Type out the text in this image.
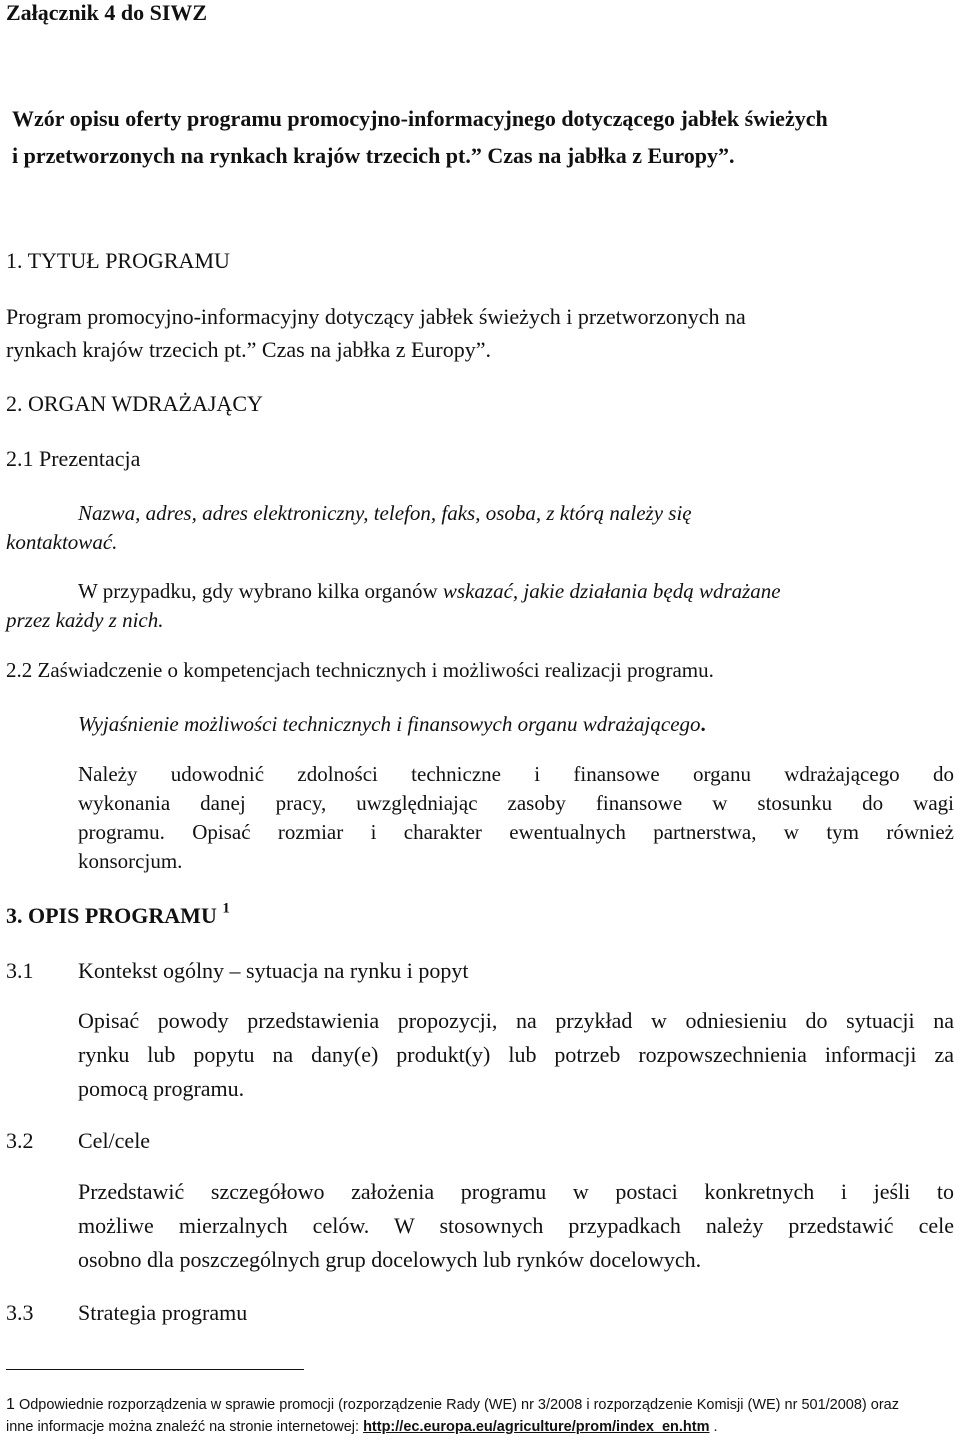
Załącznik 4 do SIWZ
Wzór opisu oferty programu promocyjno-informacyjnego dotyczącego jabłek świeżych
i przetworzonych na rynkach krajów trzecich pt.” Czas na jabłka z Europy”.
1. TYTUŁ PROGRAMU
Program promocyjno-informacyjny dotyczący jabłek świeżych i przetworzonych na
rynkach krajów trzecich pt.” Czas na jabłka z Europy”.
2. ORGAN WDRAŻAJĄCY
2.1 Prezentacja
Nazwa, adres, adres elektroniczny, telefon, faks, osoba, z którą należy się
kontaktować.
W przypadku, gdy wybrano kilka organów wskazać, jakie działania będą wdrażane
przez każdy z nich.
2.2 Zaświadczenie o kompetencjach technicznych i możliwości realizacji programu.
Wyjaśnienie możliwości technicznych i finansowych organu wdrażającego.
Należy udowodnić zdolności techniczne i finansowe organu wdrażającego do
wykonania danej pracy, uwzględniając zasoby finansowe w stosunku do wagi
programu. Opisać rozmiar i charakter ewentualnych partnerstwa, w tym również
konsorcjum.
3. OPIS PROGRAMU $^1$
3.1 Kontekst ogólny – sytuacja na rynku i popyt
Opisać powody przedstawienia propozycji, na przykład w odniesieniu do sytuacji na
rynku lub popytu na dany(e) produkt(y) lub potrzeb rozpowszechnienia informacji za
pomocą programu.
3.2 Cel/cele
Przedstawić szczegółowo założenia programu w postaci konkretnych i jeśli to
możliwe mierzalnych celów. W stosownych przypadkach należy przedstawić cele
osobno dla poszczególnych grup docelowych lub rynków docelowych.
3.3 Strategia programu
1 Odpowiednie rozporządzenia w sprawie promocji (rozporządzenie Rady (WE) nr 3/2008 i rozporządzenie Komisji (WE) nr 501/2008) oraz
inne informacje można znaleźć na stronie internetowej: http://ec.europa.eu/agriculture/prom/index_en.htm .
